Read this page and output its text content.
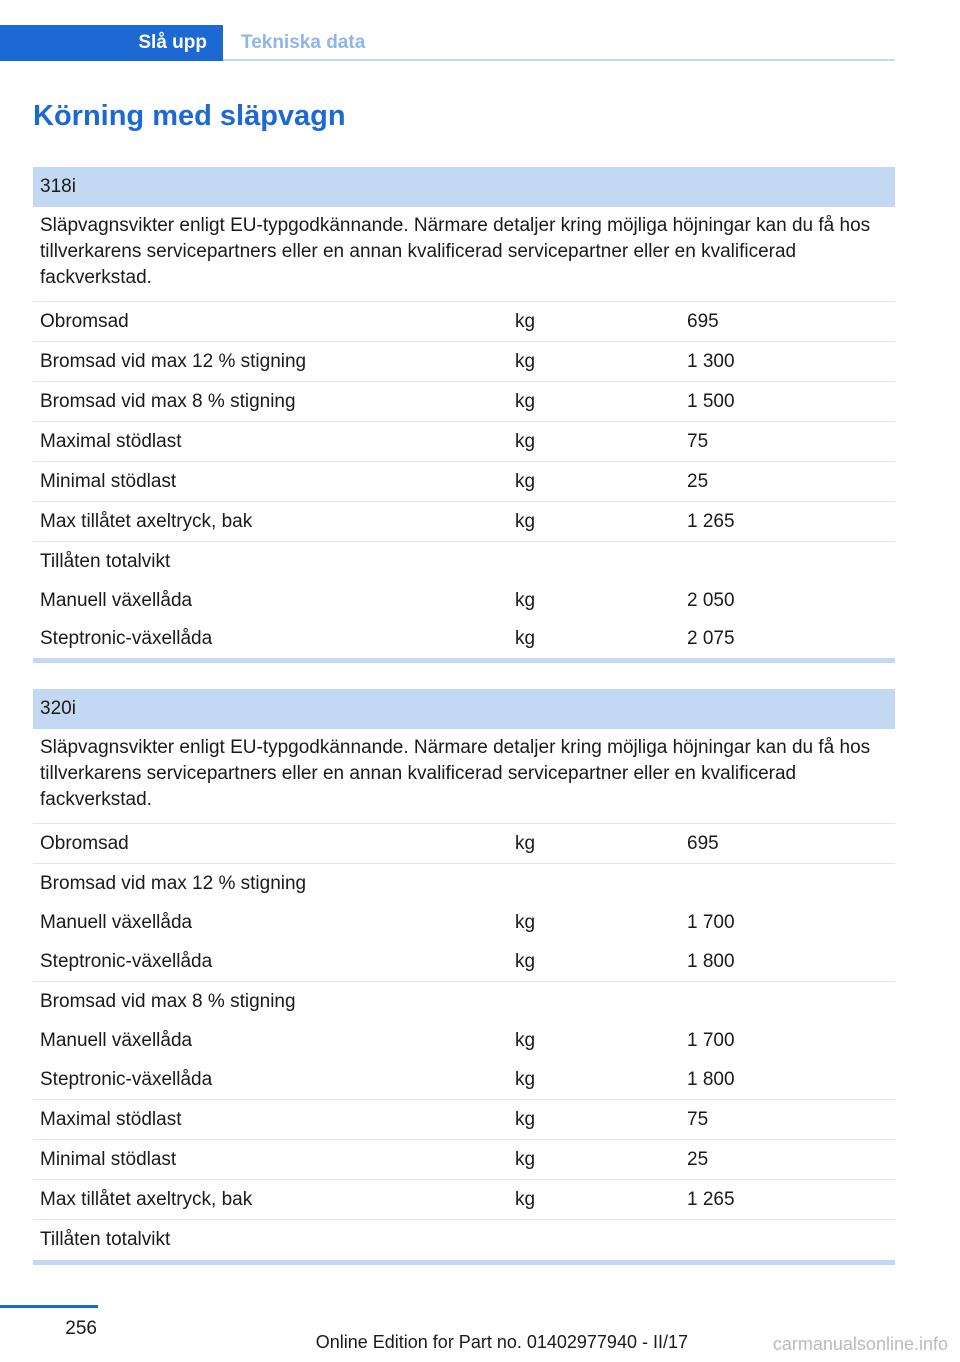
Slå upp	Tekniska data
Körning med släpvagn
318i
Släpvagnsvikter enligt EU-typgodkännande. Närmare detaljer kring möjliga höjningar kan du få hos tillverkarens servicepartners eller en annan kvalificerad servicepartner eller en kvalificerad fackverkstad.
Obromsad	kg	695
Bromsad vid max 12 % stigning	kg	1 300
Bromsad vid max 8 % stigning	kg	1 500
Maximal stödlast	kg	75
Minimal stödlast	kg	25
Max tillåtet axeltryck, bak	kg	1 265
Tillåten totalvikt
Manuell växellåda	kg	2 050
Steptronic-växellåda	kg	2 075
320i
Släpvagnsvikter enligt EU-typgodkännande. Närmare detaljer kring möjliga höjningar kan du få hos tillverkarens servicepartners eller en annan kvalificerad servicepartner eller en kvalificerad fackverkstad.
Obromsad	kg	695
Bromsad vid max 12 % stigning
Manuell växellåda	kg	1 700
Steptronic-växellåda	kg	1 800
Bromsad vid max 8 % stigning
Manuell växellåda	kg	1 700
Steptronic-växellåda	kg	1 800
Maximal stödlast	kg	75
Minimal stödlast	kg	25
Max tillåtet axeltryck, bak	kg	1 265
Tillåten totalvikt
256
Online Edition for Part no. 01402977940 - II/17	carmanualsonline.info
